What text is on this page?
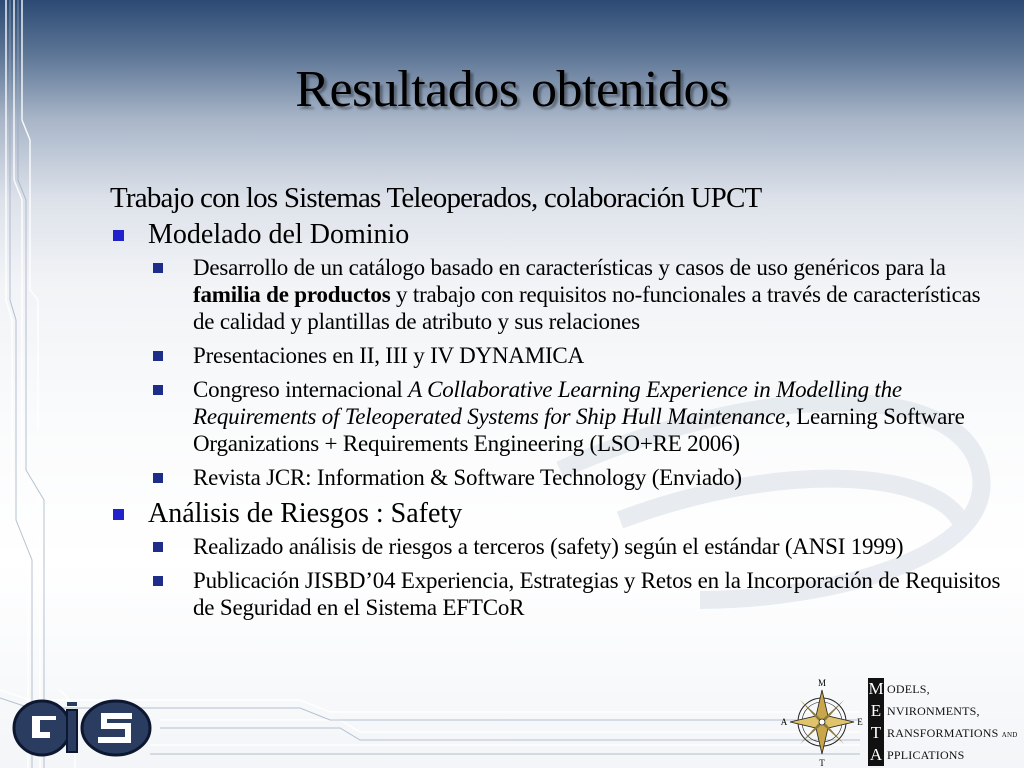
Resultados obtenidos
Trabajo con los Sistemas Teleoperados, colaboración UPCT
Modelado del Dominio
Desarrollo de un catálogo basado en características y casos de uso genéricos para la familia de productos y trabajo con requisitos no-funcionales a través de características de calidad y plantillas de atributo y sus relaciones
Presentaciones en II, III y IV DYNAMICA
Congreso internacional A Collaborative Learning Experience in Modelling the Requirements of Teleoperated Systems for Ship Hull Maintenance, Learning Software Organizations + Requirements Engineering (LSO+RE 2006)
Revista JCR: Information & Software Technology (Enviado)
Análisis de Riesgos : Safety
Realizado análisis de riesgos a terceros (safety) según el estándar (ANSI 1999)
Publicación JISBD’04 Experiencia, Estrategias y Retos en la Incorporación de Requisitos de Seguridad en el Sistema EFTCoR
M
A	E
T
M ODELS,
E NVIRONMENTS,
T RANSFORMATIONS AND
A PPLICATIONS
